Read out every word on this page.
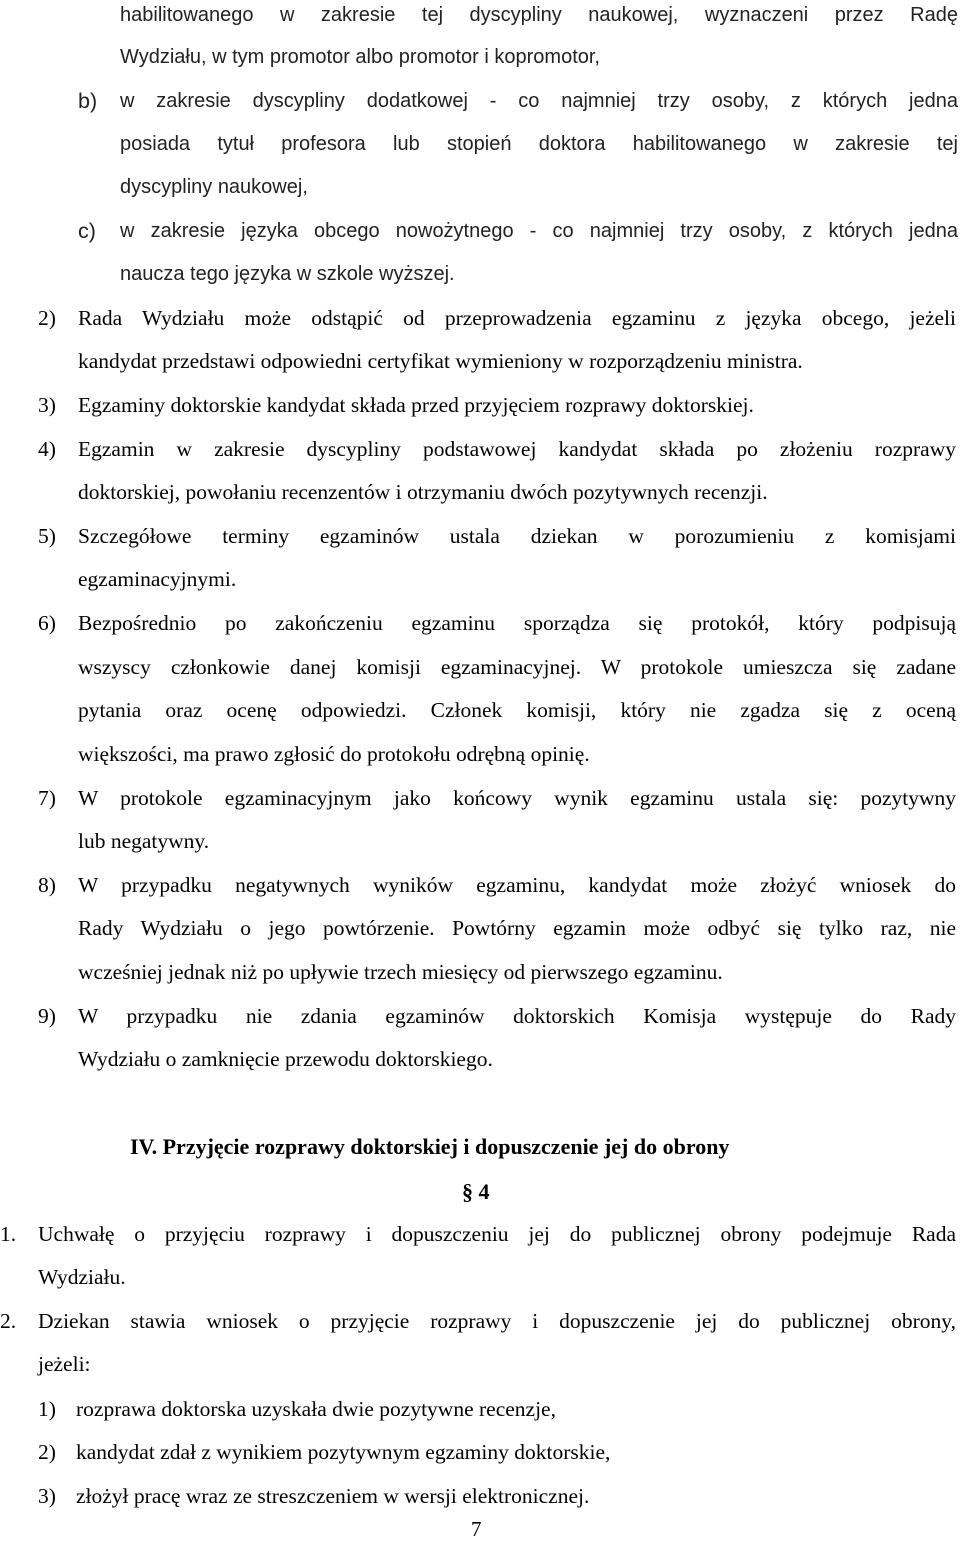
habilitowanego w zakresie tej dyscypliny naukowej, wyznaczeni przez Radę
Wydziału, w tym promotor albo promotor i kopromotor,
b) w zakresie dyscypliny dodatkowej - co najmniej trzy osoby, z których jedna
posiada tytuł profesora lub stopień doktora habilitowanego w zakresie tej
dyscypliny naukowej,
c) w zakresie języka obcego nowożytnego - co najmniej trzy osoby, z których jedna
naucza tego języka w szkole wyższej.
2) Rada Wydziału może odstąpić od przeprowadzenia egzaminu z języka obcego, jeżeli
kandydat przedstawi odpowiedni certyfikat wymieniony w rozporządzeniu ministra.
3) Egzaminy doktorskie kandydat składa przed przyjęciem rozprawy doktorskiej.
4) Egzamin w zakresie dyscypliny podstawowej kandydat składa po złożeniu rozprawy
doktorskiej, powołaniu recenzentów i otrzymaniu dwóch pozytywnych recenzji.
5) Szczegółowe terminy egzaminów ustala dziekan w porozumieniu z komisjami
egzaminacyjnymi.
6) Bezpośrednio po zakończeniu egzaminu sporządza się protokół, który podpisują
wszyscy członkowie danej komisji egzaminacyjnej. W protokole umieszcza się zadane
pytania oraz ocenę odpowiedzi. Członek komisji, który nie zgadza się z oceną
większości, ma prawo zgłosić do protokołu odrębną opinię.
7) W protokole egzaminacyjnym jako końcowy wynik egzaminu ustala się: pozytywny
lub negatywny.
8) W przypadku negatywnych wyników egzaminu, kandydat może złożyć wniosek do
Rady Wydziału o jego powtórzenie. Powtórny egzamin może odbyć się tylko raz, nie
wcześniej jednak niż po upływie trzech miesięcy od pierwszego egzaminu.
9) W przypadku nie zdania egzaminów doktorskich Komisja występuje do Rady
Wydziału o zamknięcie przewodu doktorskiego.
IV. Przyjęcie rozprawy doktorskiej i dopuszczenie jej do obrony
§ 4
1. Uchwałę o przyjęciu rozprawy i dopuszczeniu jej do publicznej obrony podejmuje Rada
Wydziału.
2. Dziekan stawia wniosek o przyjęcie rozprawy i dopuszczenie jej do publicznej obrony,
jeżeli:
1) rozprawa doktorska uzyskała dwie pozytywne recenzje,
2) kandydat zdał z wynikiem pozytywnym egzaminy doktorskie,
3) złożył pracę wraz ze streszczeniem w wersji elektronicznej.
7
